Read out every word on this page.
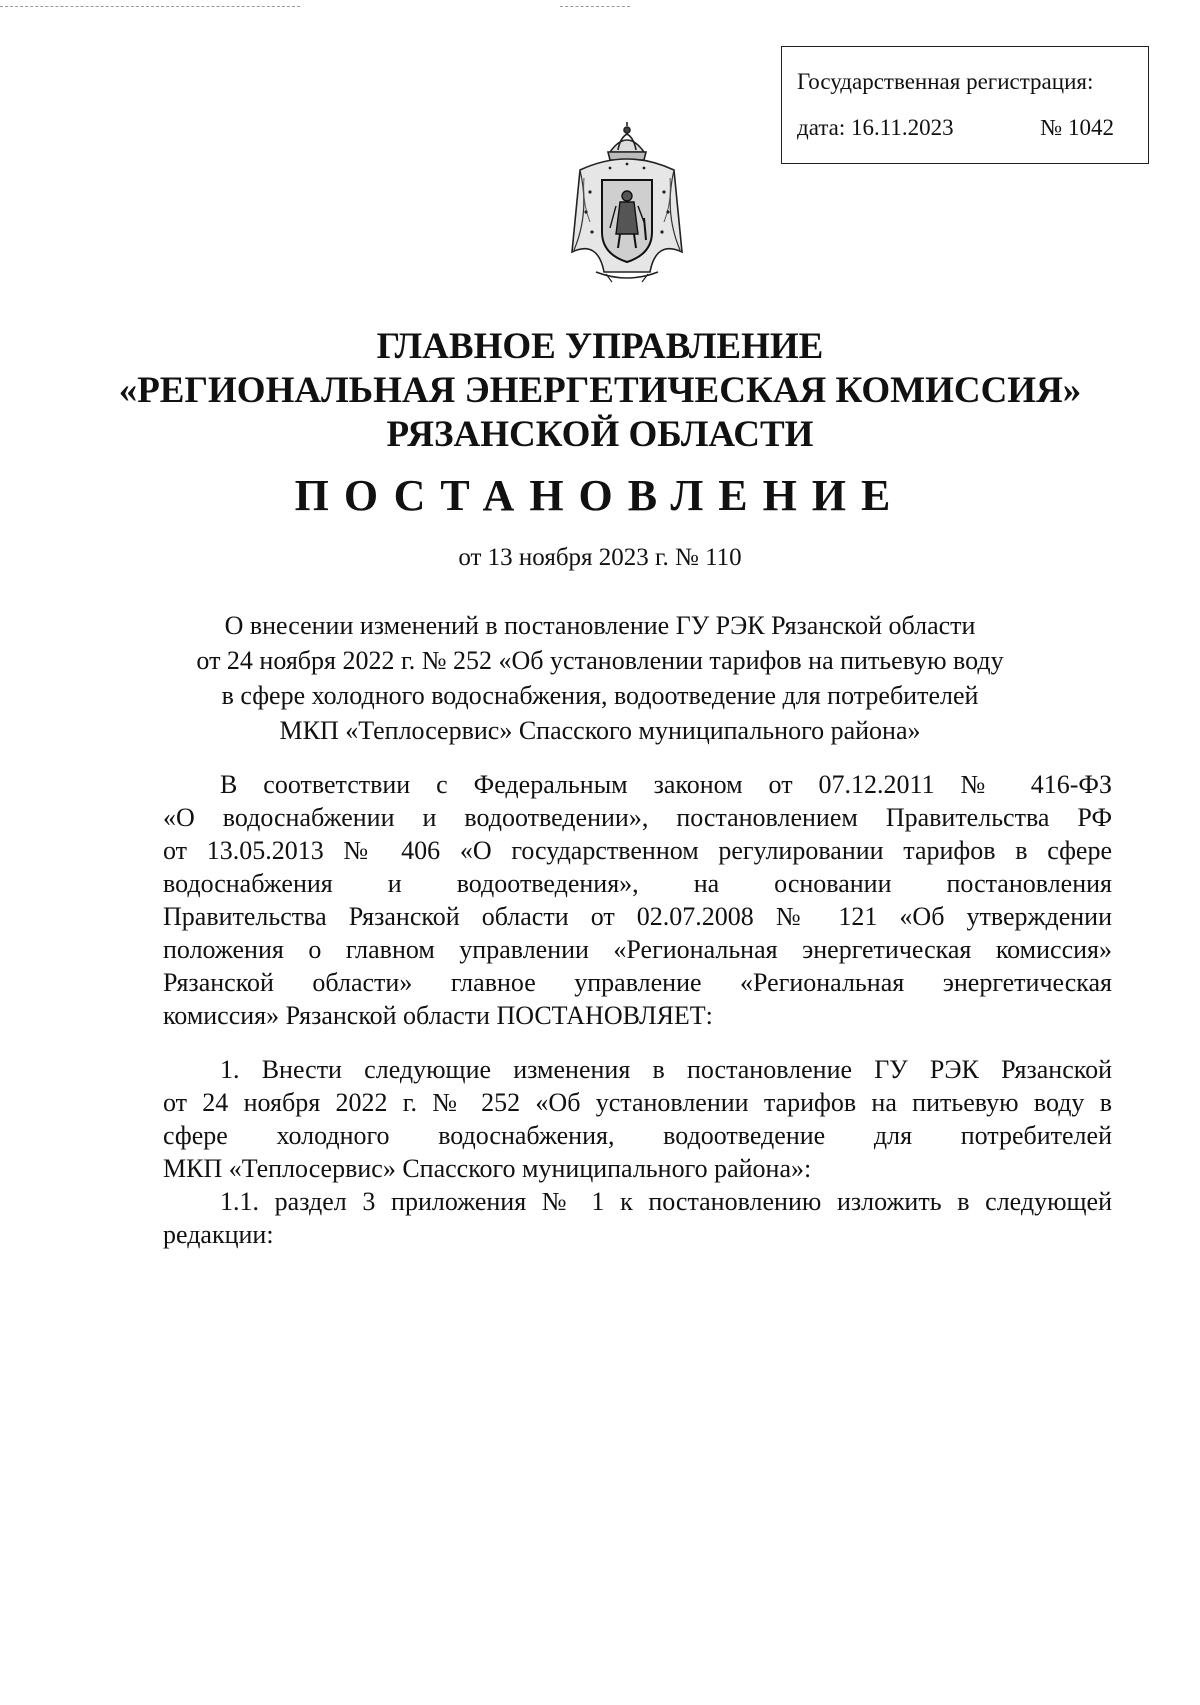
Государственная регистрация:
дата: 16.11.2023	№ 1042
ГЛАВНОЕ УПРАВЛЕНИЕ
«РЕГИОНАЛЬНАЯ ЭНЕРГЕТИЧЕСКАЯ КОМИССИЯ»
РЯЗАНСКОЙ ОБЛАСТИ
ПОСТАНОВЛЕНИЕ
от 13 ноября 2023 г. № 110
О внесении изменений в постановление ГУ РЭК Рязанской области
от 24 ноября 2022 г. № 252 «Об установлении тарифов на питьевую воду
в сфере холодного водоснабжения, водоотведение для потребителей
МКП «Теплосервис» Спасского муниципального района»
В соответствии с Федеральным законом от 07.12.2011 № 416-ФЗ
«О водоснабжении и водоотведении», постановлением Правительства РФ
от 13.05.2013 № 406 «О государственном регулировании тарифов в сфере
водоснабжения и водоотведения», на основании постановления
Правительства Рязанской области от 02.07.2008 № 121 «Об утверждении
положения о главном управлении «Региональная энергетическая комиссия»
Рязанской области» главное управление «Региональная энергетическая
комиссия» Рязанской области ПОСТАНОВЛЯЕТ:
1. Внести следующие изменения в постановление ГУ РЭК Рязанской
от 24 ноября 2022 г. № 252 «Об установлении тарифов на питьевую воду в
сфере холодного водоснабжения, водоотведение для потребителей
МКП «Теплосервис» Спасского муниципального района»:
1.1. раздел 3 приложения № 1 к постановлению изложить в следующей
редакции:
